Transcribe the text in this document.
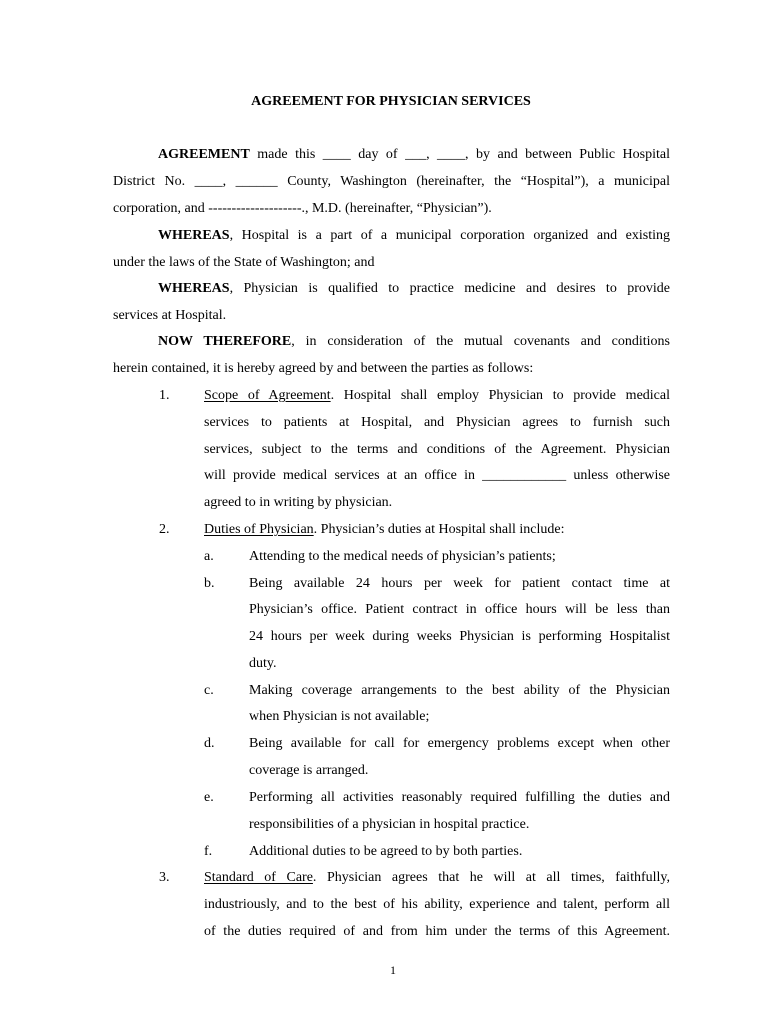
AGREEMENT FOR PHYSICIAN SERVICES
AGREEMENT made this ____ day of ___, ____, by and between Public Hospital
District No. ____, ______ County, Washington (hereinafter, the “Hospital”), a municipal
corporation, and --------------------., M.D. (hereinafter, “Physician”).
WHEREAS, Hospital is a part of a municipal corporation organized and existing
under the laws of the State of Washington; and
WHEREAS, Physician is qualified to practice medicine and desires to provide
services at Hospital.
NOW THEREFORE, in consideration of the mutual covenants and conditions
herein contained, it is hereby agreed by and between the parties as follows:
1. Scope of Agreement. Hospital shall employ Physician to provide medical
services to patients at Hospital, and Physician agrees to furnish such
services, subject to the terms and conditions of the Agreement. Physician
will provide medical services at an office in ____________ unless otherwise
agreed to in writing by physician.
2. Duties of Physician. Physician’s duties at Hospital shall include:
a.	Attending to the medical needs of physician’s patients;
b. Being available 24 hours per week for patient contact time at
Physician’s office. Patient contract in office hours will be less than
24 hours per week during weeks Physician is performing Hospitalist
duty.
c.	Making coverage arrangements to the best ability of the Physician
when Physician is not available;
d. Being available for call for emergency problems except when other
coverage is arranged.
e.	Performing all activities reasonably required fulfilling the duties and
responsibilities of a physician in hospital practice.
f.	Additional duties to be agreed to by both parties.
3. Standard of Care. Physician agrees that he will at all times, faithfully,
industriously, and to the best of his ability, experience and talent, perform all
of the duties required of and from him under the terms of this Agreement.
1
